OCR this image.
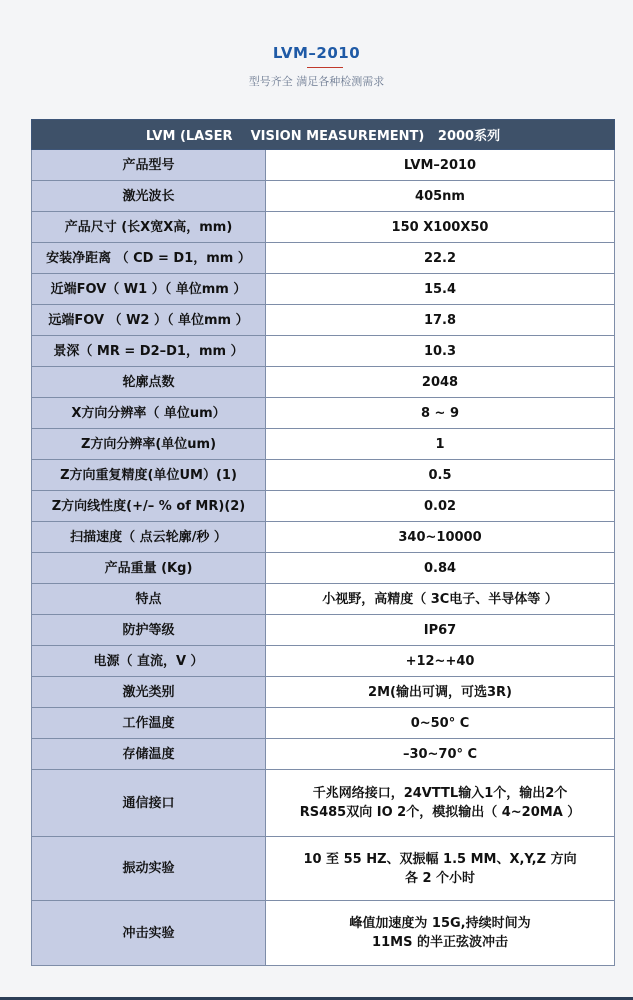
LVM–2010
型号齐全 满足各种检测需求
LVM (LASER    VISION MEASUREMENT)   2000系列	
产品型号	LVM–2010
激光波长	405nm
产品尺寸 (长X宽X高，mm)	150 X100X50
安装净距离 （ CD = D1，mm ）	22.2
近端FOV（ W1 ）（ 单位mm ）	15.4
远端FOV （ W2 ）（ 单位mm ）	17.8
景深（ MR = D2–D1，mm ）	10.3
轮廓点数	2048
X方向分辨率（ 单位um）	8 ~ 9
Z方向分辨率(单位um)	1
Z方向重复精度(单位UM）(1)	0.5
Z方向线性度(+/– % of MR)(2)	0.02
扫描速度（ 点云轮廓/秒 ）	340~10000
产品重量 (Kg)	0.84
特点	小视野，高精度（ 3C电子、半导体等 ）
防护等级	IP67
电源（ 直流，V ）	+12~+40
激光类别	2M(输出可调，可选3R)
工作温度	0~50° C
存储温度	–30~70° C
通信接口	千兆网络接口，24VTTL输入1个，输出2个
RS485双向 IO 2个，模拟输出（ 4~20MA ）

振动实验	10 至 55 HZ、双振幅 1.5 MM、X,Y,Z 方向
各 2 个小时

冲击实验	峰值加速度为 15G,持续时间为
11MS 的半正弦波冲击
